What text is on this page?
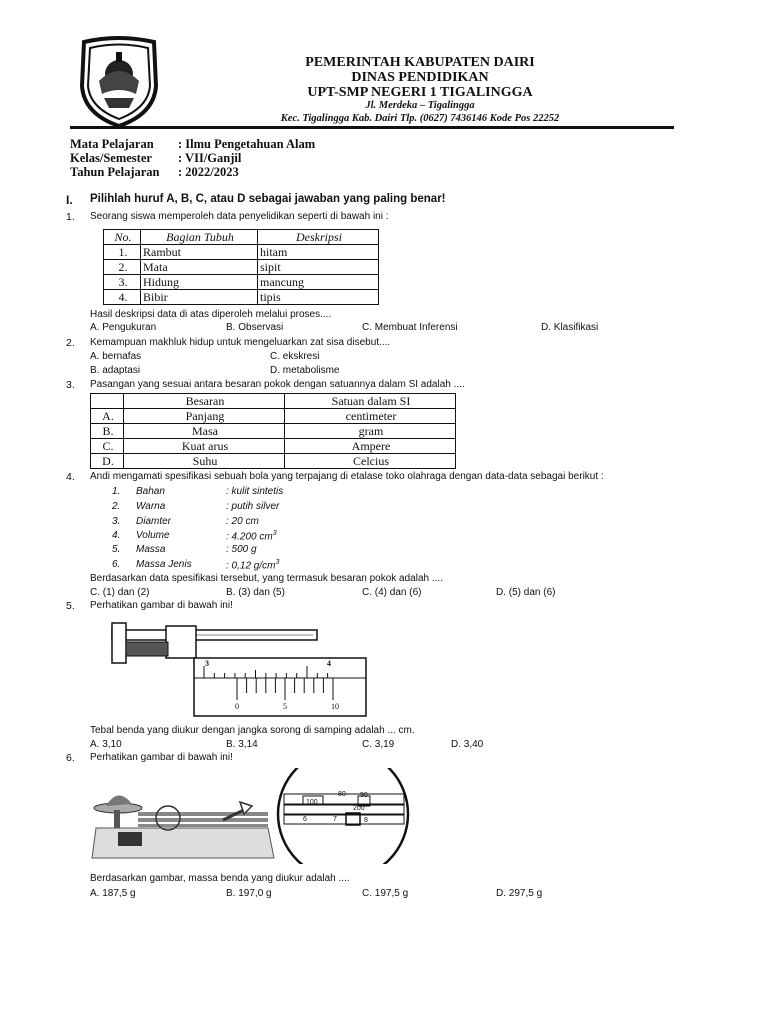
PEMERINTAH KABUPATEN DAIRI
DINAS PENDIDIKAN
UPT-SMP NEGERI 1 TIGALINGGA
Jl. Merdeka – Tigalingga
Kec. Tigalingga Kab. Dairi Tlp. (0627) 7436146 Kode Pos 22252
Mata Pelajaran : Ilmu Pengetahuan Alam
Kelas/Semester : VII/Ganjil
Tahun Pelajaran : 2022/2023
I. Pilihlah huruf A, B, C, atau D sebagai jawaban yang paling benar!
1. Seorang siswa memperoleh data penyelidikan seperti di bawah ini :
No.	Bagian Tubuh	Deskripsi
1.	Rambut	hitam
2.	Mata	sipit
3.	Hidung	mancung
4.	Bibir	tipis
Hasil deskripsi data di atas diperoleh melalui proses....
A. Pengukuran	B. Observasi	C. Membuat Inferensi	D. Klasifikasi
2. Kemampuan makhluk hidup untuk mengeluarkan zat sisa disebut....
A. bernafas	C. ekskresi
B. adaptasi	D. metabolisme
3. Pasangan yang sesuai antara besaran pokok dengan satuannya dalam SI adalah ....
	Besaran	Satuan dalam SI
A.	Panjang	centimeter
B.	Masa	gram
C.	Kuat arus	Ampere
D.	Suhu	Celcius
4. Andi mengamati spesifikasi sebuah bola yang terpajang di etalase toko olahraga dengan data-data sebagai berikut :
1. Bahan	: kulit sintetis
2. Warna	: putih silver
3. Diamter	: 20 cm
4. Volume	: 4.200 $cm^3$
5. Massa	: 500 g
6. Massa Jenis	: 0,12 $g/cm^3$
Berdasarkan data spesifikasi tersebut, yang termasuk besaran pokok adalah ....
C. (1) dan (2)	B. (3) dan (5)	C. (4) dan (6)	D. (5) dan (6)
5. Perhatikan gambar di bawah ini!
3	4
0	5	10
Tebal benda yang diukur dengan jangka sorong di samping adalah ... cm.
A. 3,10	B. 3,14	C. 3,19	D. 3,40
6. Perhatikan gambar di bawah ini!
100
80 90
200
6	7	8
Berdasarkan gambar, massa benda yang diukur adalah ....
A. 187,5 g	B. 197,0 g	C. 197,5 g	D. 297,5 g
